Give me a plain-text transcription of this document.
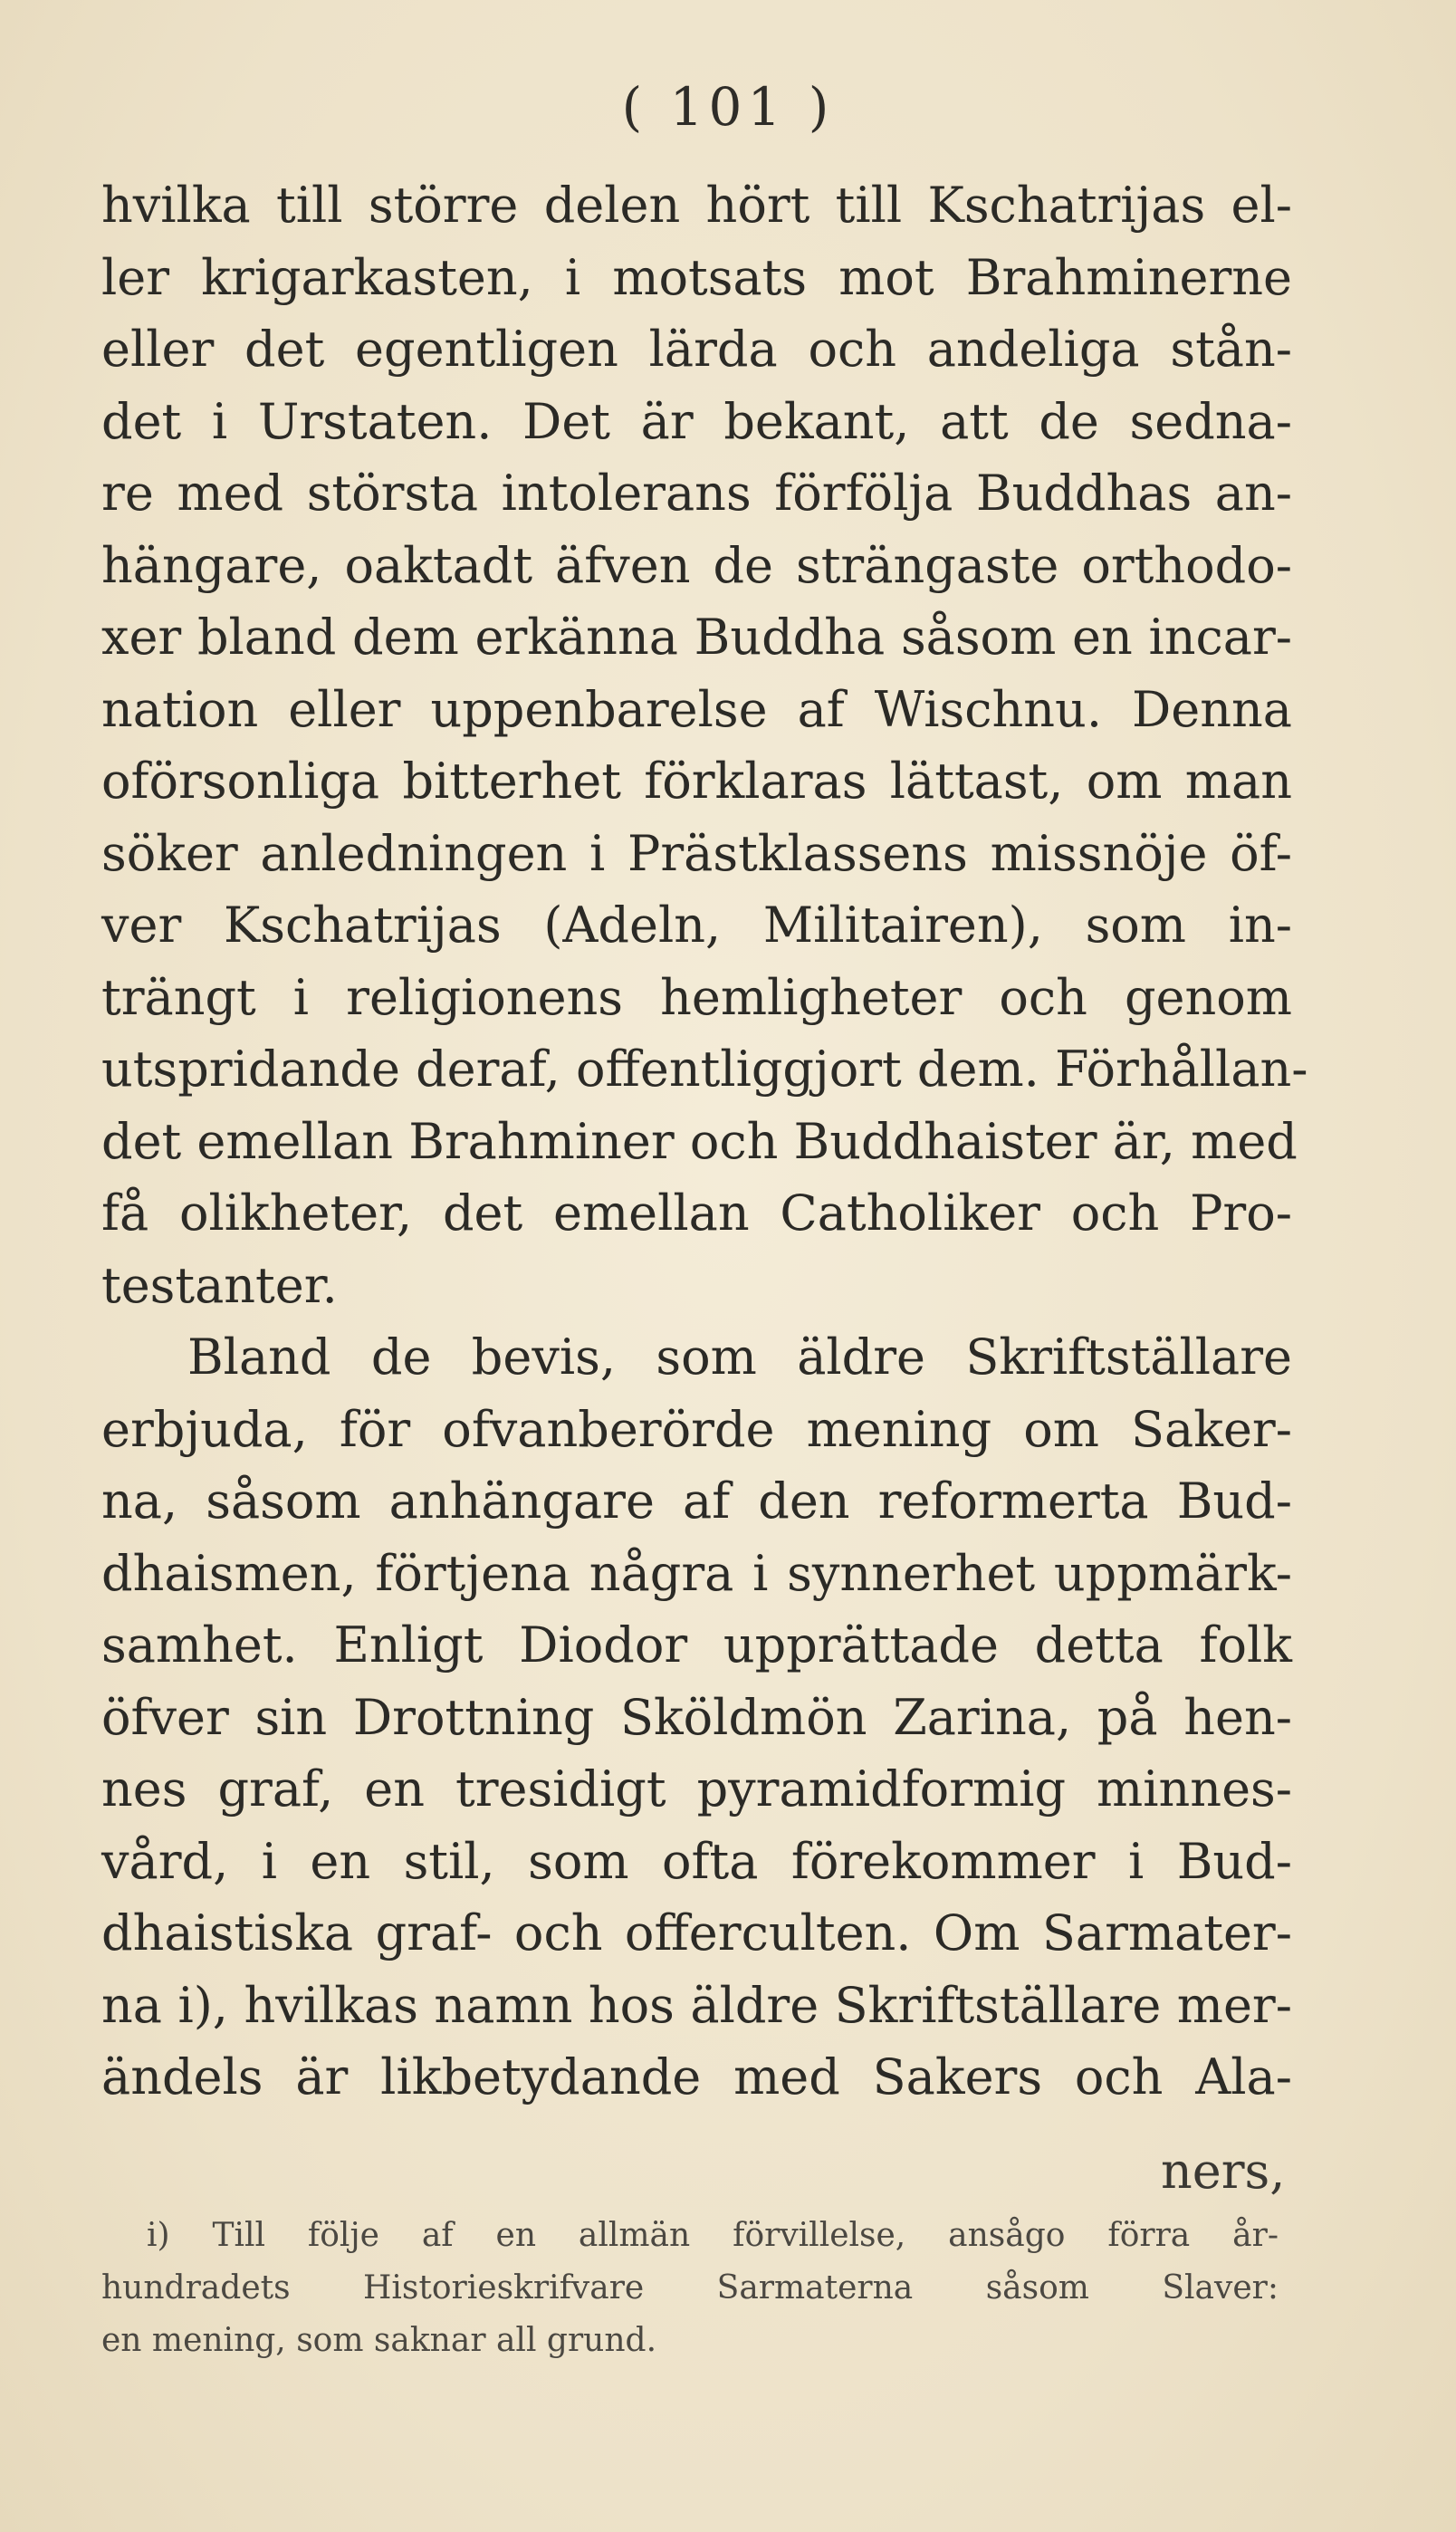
( 101 )
hvilka till större delen hört till Kschatrijas el-
ler krigarkasten, i motsats mot Brahminerne
eller det egentligen lärda och andeliga stån-
det i Urstaten. Det är bekant, att de sedna-
re med största intolerans förfölja Buddhas an-
hängare, oaktadt äfven de strängaste orthodo-
xer bland dem erkänna Buddha såsom en incar-
nation eller uppenbarelse af Wischnu. Denna
oförsonliga bitterhet förklaras lättast, om man
söker anledningen i Prästklassens missnöje öf-
ver Kschatrijas (Adeln, Militairen), som in-
trängt i religionens hemligheter och genom
utspridande deraf, offentliggjort dem. Förhållan-
det emellan Brahminer och Buddhaister är, med
få olikheter, det emellan Catholiker och Pro-
testanter.
Bland de bevis, som äldre Skriftställare
erbjuda, för ofvanberörde mening om Saker-
na, såsom anhängare af den reformerta Bud-
dhaismen, förtjena några i synnerhet uppmärk-
samhet. Enligt Diodor upprättade detta folk
öfver sin Drottning Sköldmön Zarina, på hen-
nes graf, en tresidigt pyramidformig minnes-
vård, i en stil, som ofta förekommer i Bud-
dhaistiska graf- och offerculten. Om Sarmater-
na i), hvilkas namn hos äldre Skriftställare mer-
ändels är likbetydande med Sakers och Ala-
ners,
i) Till följe af en allmän förvillelse, ansågo förra år-
hundradets Historieskrifvare Sarmaterna såsom Slaver:
en mening, som saknar all grund.
